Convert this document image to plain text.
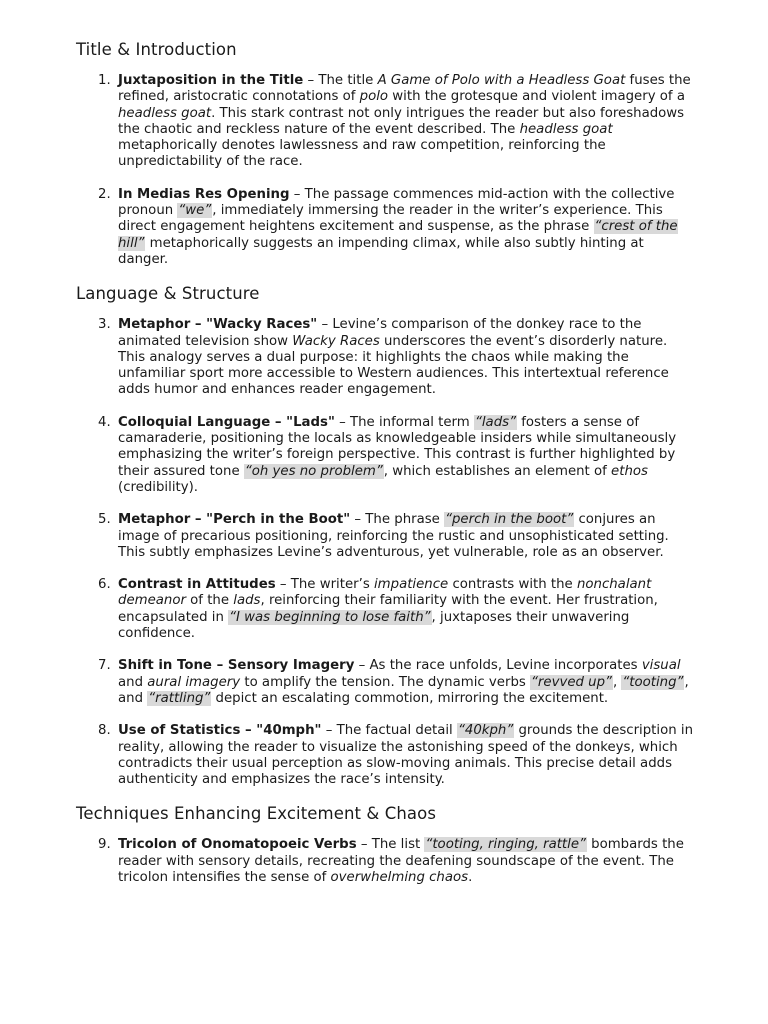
Title & Introduction
1. Juxtaposition in the Title – The title A Game of Polo with a Headless Goat fuses the refined, aristocratic connotations of polo with the grotesque and violent imagery of a headless goat. This stark contrast not only intrigues the reader but also foreshadows the chaotic and reckless nature of the event described. The headless goat metaphorically denotes lawlessness and raw competition, reinforcing the unpredictability of the race.
2. In Medias Res Opening – The passage commences mid-action with the collective pronoun “we”, immediately immersing the reader in the writer’s experience. This direct engagement heightens excitement and suspense, as the phrase “crest of the hill” metaphorically suggests an impending climax, while also subtly hinting at danger.
Language & Structure
3. Metaphor – "Wacky Races" – Levine’s comparison of the donkey race to the animated television show Wacky Races underscores the event’s disorderly nature. This analogy serves a dual purpose: it highlights the chaos while making the unfamiliar sport more accessible to Western audiences. This intertextual reference adds humor and enhances reader engagement.
4. Colloquial Language – "Lads" – The informal term “lads” fosters a sense of camaraderie, positioning the locals as knowledgeable insiders while simultaneously emphasizing the writer’s foreign perspective. This contrast is further highlighted by their assured tone “oh yes no problem”, which establishes an element of ethos (credibility).
5. Metaphor – "Perch in the Boot" – The phrase “perch in the boot” conjures an image of precarious positioning, reinforcing the rustic and unsophisticated setting. This subtly emphasizes Levine’s adventurous, yet vulnerable, role as an observer.
6. Contrast in Attitudes – The writer’s impatience contrasts with the nonchalant demeanor of the lads, reinforcing their familiarity with the event. Her frustration, encapsulated in “I was beginning to lose faith”, juxtaposes their unwavering confidence.
7. Shift in Tone – Sensory Imagery – As the race unfolds, Levine incorporates visual and aural imagery to amplify the tension. The dynamic verbs “revved up”, “tooting”, and “rattling” depict an escalating commotion, mirroring the excitement.
8. Use of Statistics – "40mph" – The factual detail “40kph” grounds the description in reality, allowing the reader to visualize the astonishing speed of the donkeys, which contradicts their usual perception as slow-moving animals. This precise detail adds authenticity and emphasizes the race’s intensity.
Techniques Enhancing Excitement & Chaos
9. Tricolon of Onomatopoeic Verbs – The list “tooting, ringing, rattle” bombards the reader with sensory details, recreating the deafening soundscape of the event. The tricolon intensifies the sense of overwhelming chaos.
